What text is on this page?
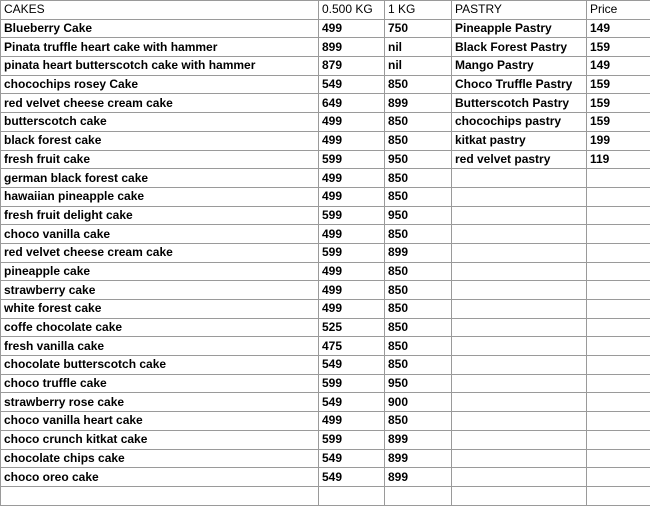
CAKES	0.500 KG	1 KG	PASTRY	Price
Blueberry Cake	499	750	Pineapple Pastry	149
Pinata truffle heart cake with hammer	899	nil	Black Forest Pastry	159
pinata heart butterscotch cake with hammer	879	nil	Mango Pastry	149
chocochips rosey Cake	549	850	Choco Truffle Pastry	159
red velvet cheese cream cake	649	899	Butterscotch Pastry	159
butterscotch cake	499	850	chocochips pastry	159
black forest cake	499	850	kitkat pastry	199
fresh fruit cake	599	950	red velvet pastry	119
german black forest cake	499	850		
hawaiian pineapple cake	499	850		
fresh fruit delight cake	599	950		
choco vanilla cake	499	850		
red velvet cheese cream cake	599	899		
pineapple cake	499	850		
strawberry cake	499	850		
white forest cake	499	850		
coffe chocolate cake	525	850		
fresh vanilla cake	475	850		
chocolate butterscotch cake	549	850		
choco truffle cake	599	950		
strawberry rose cake	549	900		
choco vanilla heart cake	499	850		
choco crunch kitkat cake	599	899		
chocolate chips cake	549	899		
choco oreo cake	549	899		
